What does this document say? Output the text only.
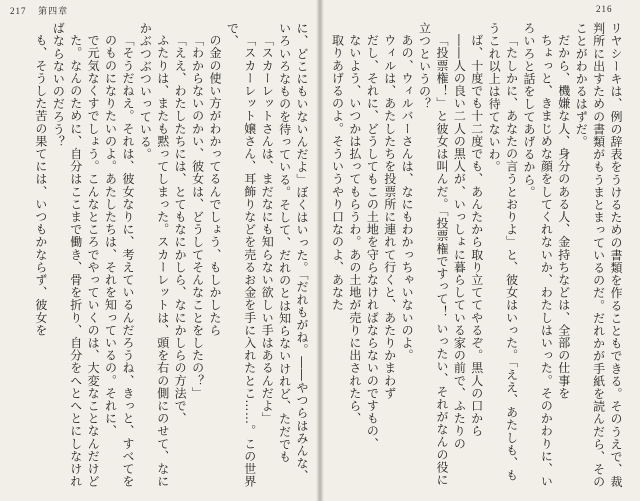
217 第四章

に、どこにもいないんだよ」ぼくはいった。「だれもがね。――やつらはみんな、いろいろなものを待っている。そして、だれのとは知らないけれど、ただでも

「スカーレットさんは、まだなにも知らない欲しい手はあるんだよ」

「スカーレット嬢さん、耳飾りなどを売るお金を手に入れたとこ……。この世界で、

の金の使い方がわかってるんでしょう、もしかしたら

「わからないのかい、彼女は、どうしてそんなことをしたの？」

「ええ、わたしたちには、とてもなにかしら、なにかしらの方法で、

ふたりは、またも黙ってしまった。スカーレットは、頭を右の側にのせて、なにかぶつぶついっている。

「そうだねえ。それは、彼女なりに、考えているんだろうね、きっと、すべてを

のものになりたいのよ。あたしたちは、それを知っているの。それに、

で元気なくすでしょう。こんなところでやっていくのは、大変なことなんだけど

た。なんのために、自分はここまで働き、骨を折り、自分をへとへとにしなければならないのだろう？

も、そうした苦の果てには、いつもかならず、彼女を

216

リヤシーキは、例の辞表をうけるための書類を作ることもできる。そのうえで、裁判所に出すための書類がもうまとまっているのだ。だれかが手紙を読んだら、そのことがわかるはずだ。

だから、機嫌な人、身分のある人、金持ちなどは、全部の仕事を

ちょっと、きまじめな顔をしてくれないか、わたしはいった。そのかわりに、いろいろと話をしてあげるから。

「たしかに、あなたの言うとおりよ」と、彼女はいった。「ええ、あたしも、もうこれ以上は待てないわ。

ば、十度でも十二度でも、あんたから取り立ててやるぞ。黒人の口から

――人の良い二人の黒人が、いっしょに暮らしている家の前で、ふたりの

「投票権！」と彼女は叫んだ。「投票権ですって！ いったい、それがなんの役に立つというの？

あの、ウィルバーさんは、なにもわかっちゃいないのよ。

ウィルは、あたしたちを投票所に連れて行くと、あたりかまわず

だし、それに、どうしてもこの土地を守らなければならないのですもの、

ないよう、いつかは払ってもらうわ。あの土地が売りに出されたら、

取りあげるのよ。そういうやり口なのよ、あなた
